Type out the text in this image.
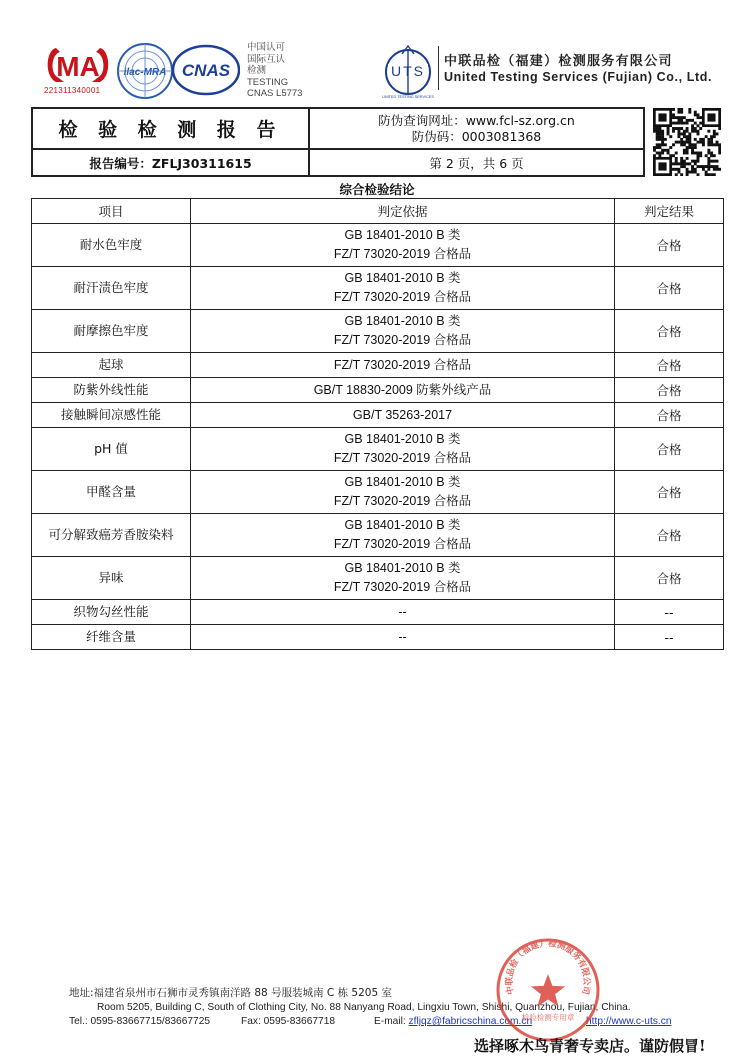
MA
221311340001
ilac-MRA CNAS
中国认可
国际互认
检测
TESTING
CNAS L5773
UTS
UNITED TESTING SERVICES
中联品检（福建）检测服务有限公司
United Testing Services (Fujian) Co., Ltd.
检 验 检 测 报 告	防伪查询网址：www.fcl-sz.org.cn
防伪码：0003081368
报告编号：ZFLJ30311615	第 2 页，共 6 页
综合检验结论
项目	判定依据	判定结果
耐水色牢度	GB 18401-2010 B 类
FZ/T 73020-2019 合格品	合格
耐汗渍色牢度	GB 18401-2010 B 类
FZ/T 73020-2019 合格品	合格
耐摩擦色牢度	GB 18401-2010 B 类
FZ/T 73020-2019 合格品	合格
起球	FZ/T 73020-2019 合格品	合格
防紫外线性能	GB/T 18830-2009 防紫外线产品	合格
接触瞬间凉感性能	GB/T 35263-2017	合格
pH 值	GB 18401-2010 B 类
FZ/T 73020-2019 合格品	合格
甲醛含量	GB 18401-2010 B 类
FZ/T 73020-2019 合格品	合格
可分解致癌芳香胺染料	GB 18401-2010 B 类
FZ/T 73020-2019 合格品	合格
异味	GB 18401-2010 B 类
FZ/T 73020-2019 合格品	合格
织物勾丝性能	--	--
纤维含量	--	--
地址:福建省泉州市石狮市灵秀镇南洋路 88 号服装城南 C 栋 5205 室
Room 5205, Building C, South of Clothing City, No. 88 Nanyang Road, Lingxiu Town, Shishi, Quanzhou, Fujian, China.
Tel.: 0595-83667715/83667725	Fax: 0595-83667718	E-mail: zfljqz@fabricschina.com.cn	http://www.c-uts.cn
中联品检（福建）检测服务有限公司
检验检测专用章
选择啄木鸟青奢专卖店。谨防假冒!
